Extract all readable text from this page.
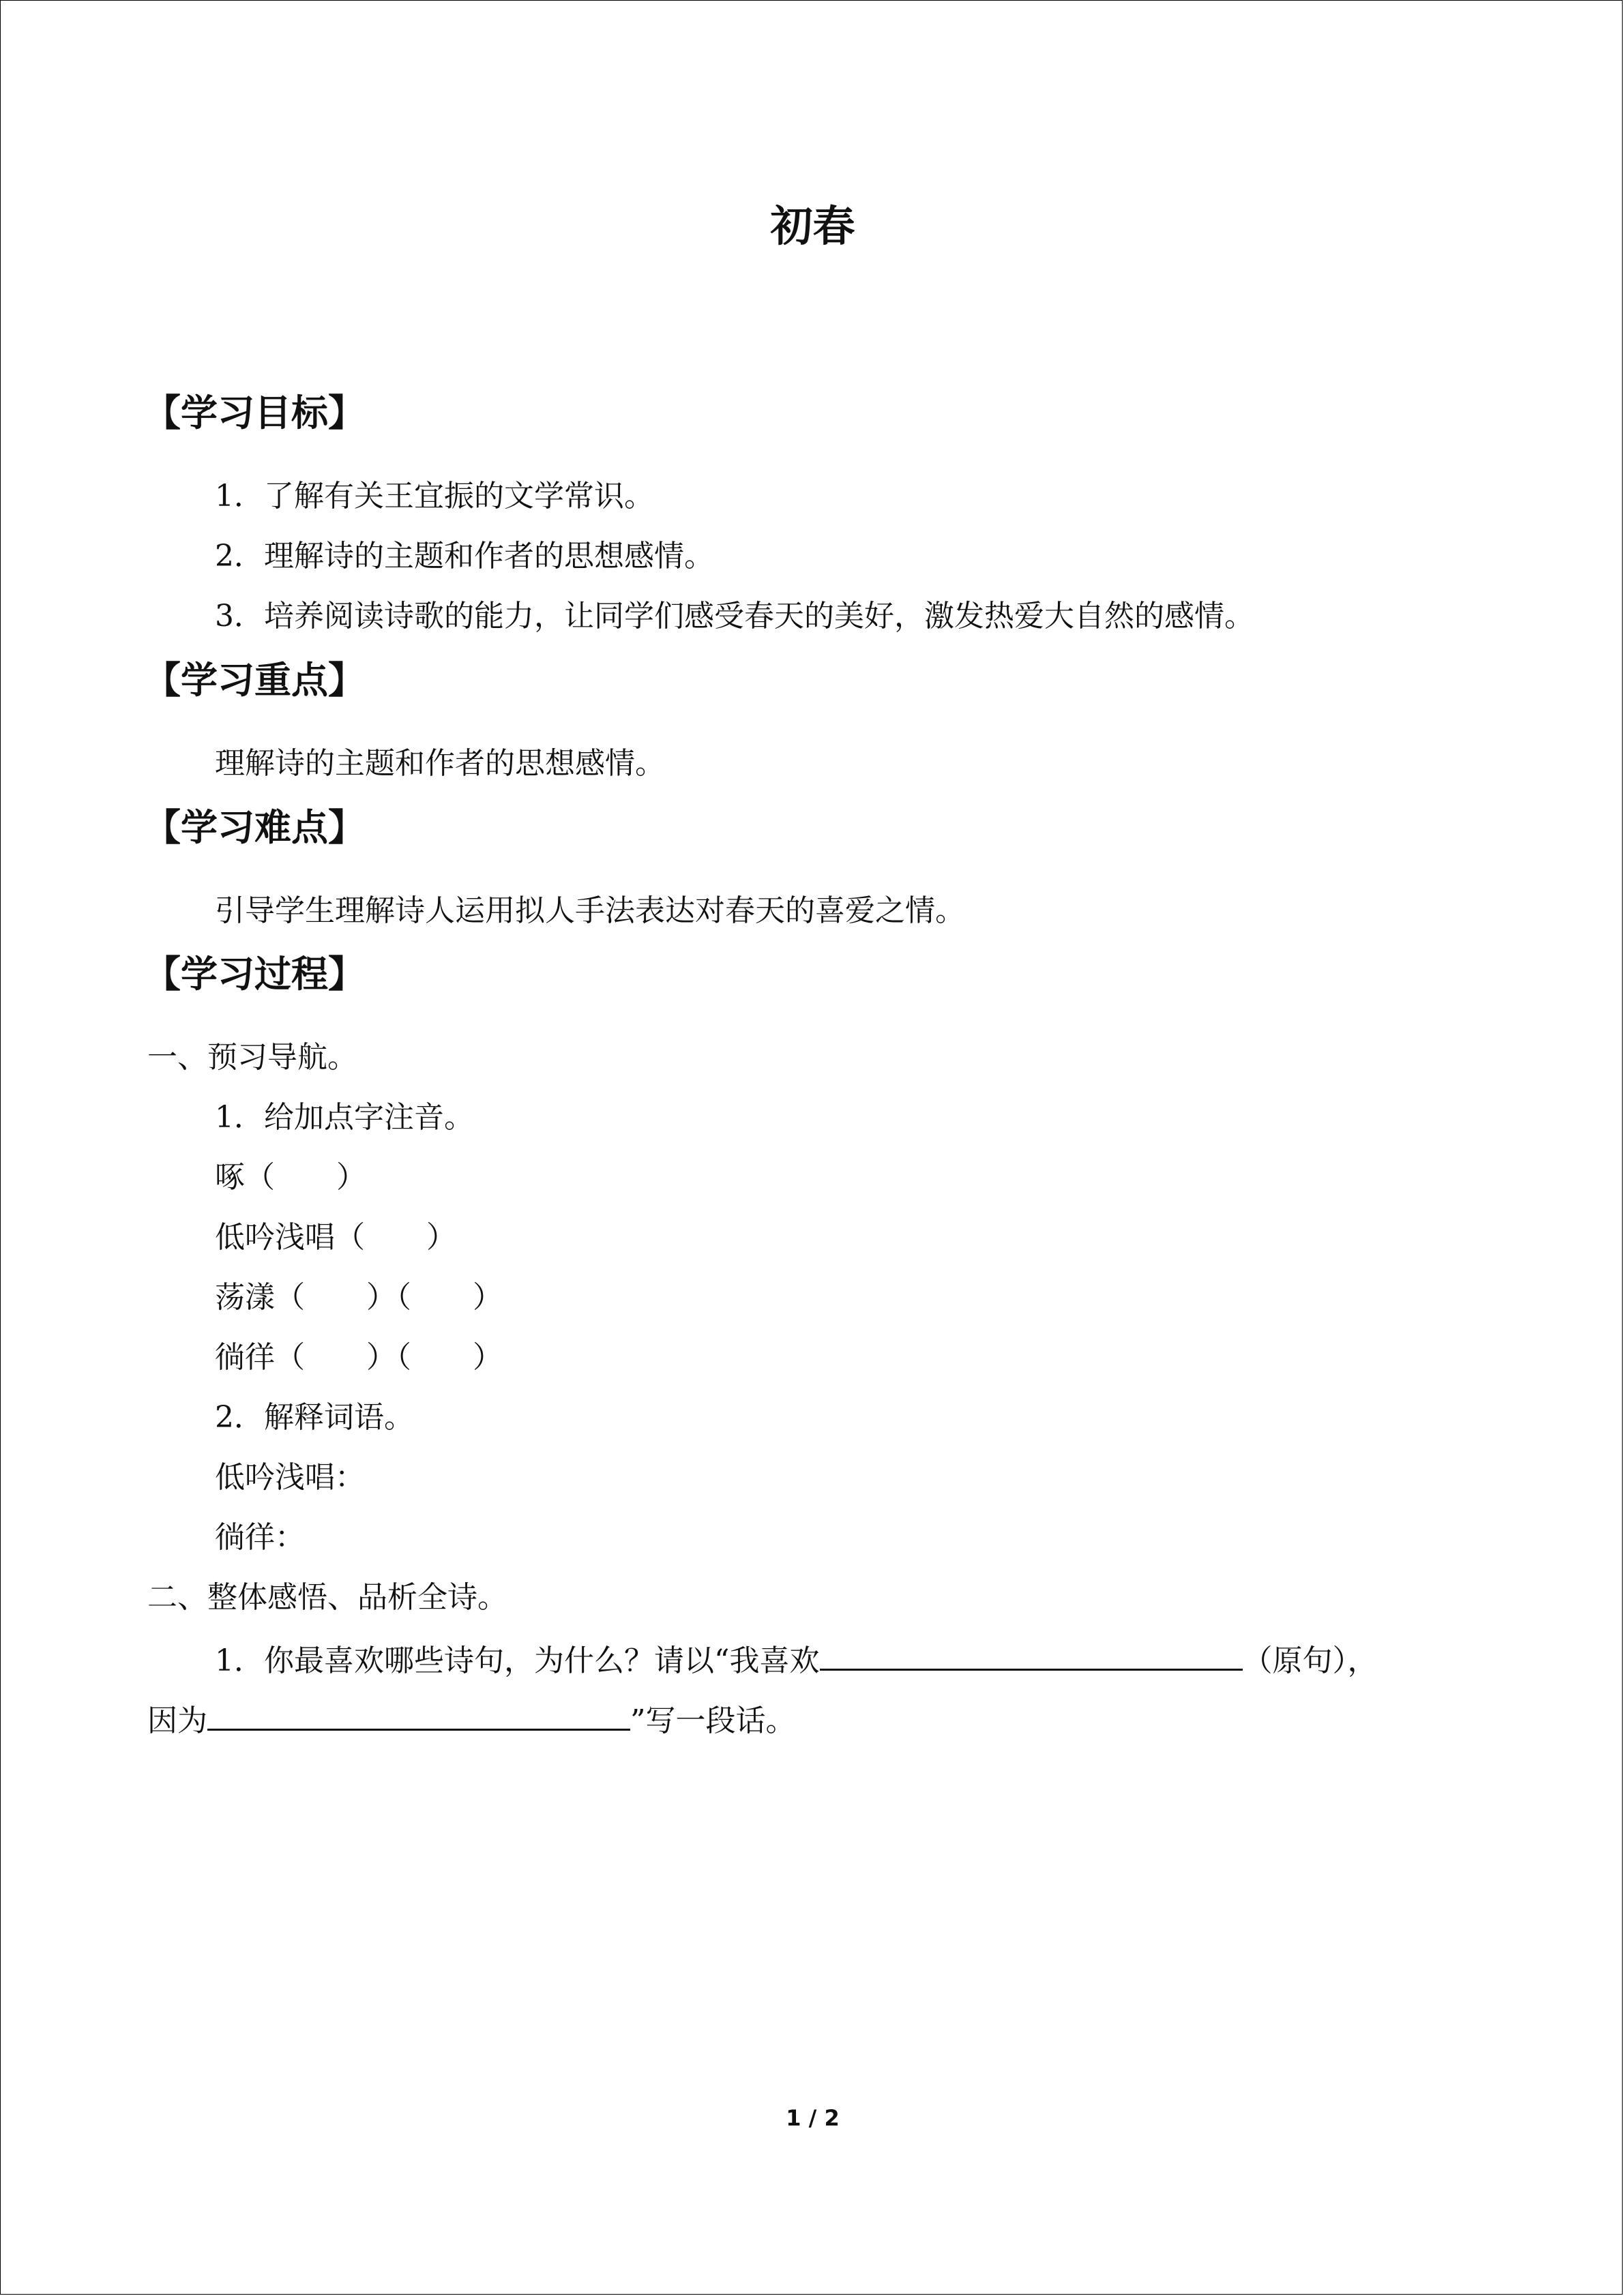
初春
【学习目标】
1．了解有关王宜振的文学常识。
2．理解诗的主题和作者的思想感情。
3．培养阅读诗歌的能力，让同学们感受春天的美好，激发热爱大自然的感情。
【学习重点】
理解诗的主题和作者的思想感情。
【学习难点】
引导学生理解诗人运用拟人手法表达对春天的喜爱之情。
【学习过程】
一、预习导航。
1．给加点字注音。
啄（ ）
低吟浅唱（ ）
荡漾（ ）（ ）
徜徉（ ）（ ）
2．解释词语。
低吟浅唱：
徜徉：
二、整体感悟、品析全诗。
1．你最喜欢哪些诗句，为什么？请以“我喜欢	（原句），
因为	”写一段话。
1 / 2
